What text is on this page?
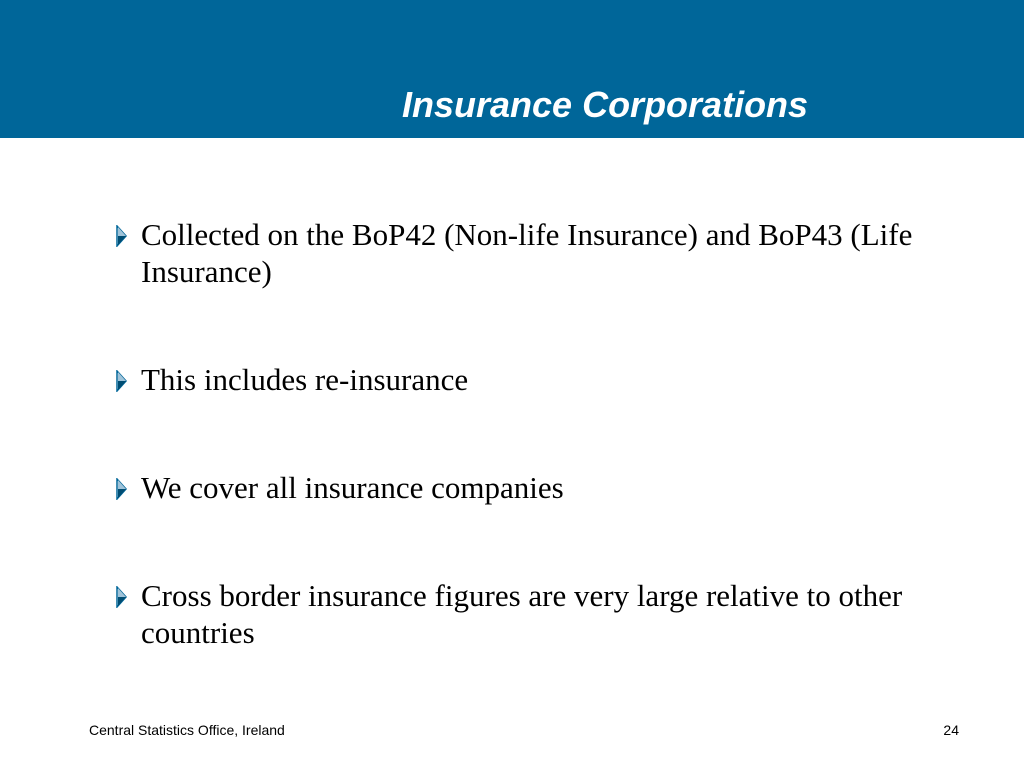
Insurance Corporations
Collected on the BoP42 (Non-life Insurance) and BoP43 (Life Insurance)
This includes re-insurance
We cover all insurance companies
Cross border insurance figures are very large relative to other countries
Central Statistics Office, Ireland	24
